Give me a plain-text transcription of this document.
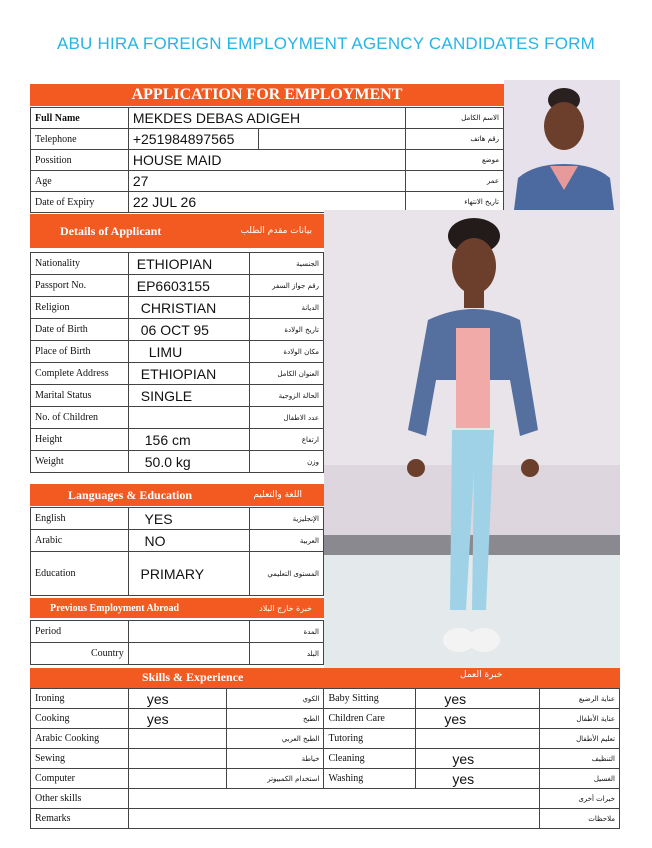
ABU HIRA FOREIGN EMPLOYMENT AGENCY CANDIDATES FORM
APPLICATION FOR EMPLOYMENT
Full Name	MEKDES DEBAS ADIGEH		الاسم الكامل
Telephone	+251984897565		رقم هاتف
Possition	HOUSE MAID		موضع
Age	27		عمر
Date of Expiry	22 JUL 26		تاريخ الانتهاء
Details of Applicant	بيانات مقدم الطلب
Nationality	ETHIOPIAN	الجنسية
Passport No.	EP6603155	رقم جواز السفر
Religion	CHRISTIAN	الديانة
Date of Birth	06 OCT 95	تاريخ الولادة
Place of Birth	LIMU	مكان الولادة
Complete Address	ETHIOPIAN	العنوان الكامل
Marital Status	SINGLE	الحالة الزوجية
No. of Children		عدد الاطفال
Height	156 cm	ارتفاع
Weight	50.0 kg	وزن
Languages & Education	اللغة والتعليم
English	YES	الإنجليزية
Arabic	NO	العربية
Education	PRIMARY	المستوى التعليمي
Previous Employment Abroad	خبرة خارج البلاد
Period		المدة
Country		البلد
Skills & Experience	خبرة العمل
Ironing	yes	الكوي	Baby Sitting	yes	عناية الرضيع
Cooking	yes	الطبخ	Children Care	yes	عناية الأطفال
Arabic Cooking		الطبخ العربي	Tutoring		تعليم الأطفال
Sewing		خياطة	Cleaning	yes	التنظيف
Computer		استخدام الكمبيوتر	Washing	yes	الغسيل
Other skills					خبرات أخرى
Remarks					ملاحظات
